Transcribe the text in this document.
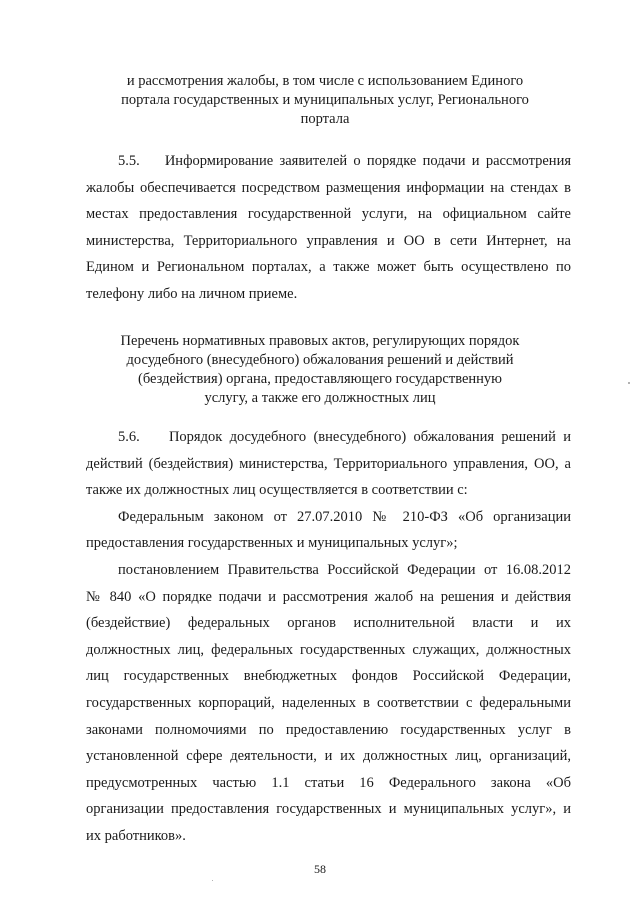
и рассмотрения жалобы, в том числе с использованием Единого
портала государственных и муниципальных услуг, Регионального
портала
5.5.    Информирование заявителей о порядке подачи и рассмотрения
жалобы обеспечивается посредством размещения информации на стендах в
местах предоставления государственной услуги, на официальном сайте
министерства, Территориального управления и ОО в сети Интернет, на
Едином и Региональном порталах, а также может быть осуществлено по
телефону либо на личном приеме.
Перечень нормативных правовых актов, регулирующих порядок
досудебного (внесудебного) обжалования решений и действий
(бездействия) органа, предоставляющего государственную
услугу, а также его должностных лиц
5.6.    Порядок досудебного (внесудебного) обжалования решений и
действий (бездействия) министерства, Территориального управления, ОО, а
также их должностных лиц осуществляется в соответствии с:
Федеральным законом от 27.07.2010 № 210-ФЗ «Об организации
предоставления государственных и муниципальных услуг»;
постановлением Правительства Российской Федерации от 16.08.2012
№ 840 «О порядке подачи и рассмотрения жалоб на решения и действия
(бездействие) федеральных органов исполнительной власти и их
должностных лиц, федеральных государственных служащих, должностных
лиц государственных внебюджетных фондов Российской Федерации,
государственных корпораций, наделенных в соответствии с федеральными
законами полномочиями по предоставлению государственных услуг в
установленной сфере деятельности, и их должностных лиц, организаций,
предусмотренных частью 1.1 статьи 16 Федерального закона «Об
организации предоставления государственных и муниципальных услуг», и
их работников».
58
